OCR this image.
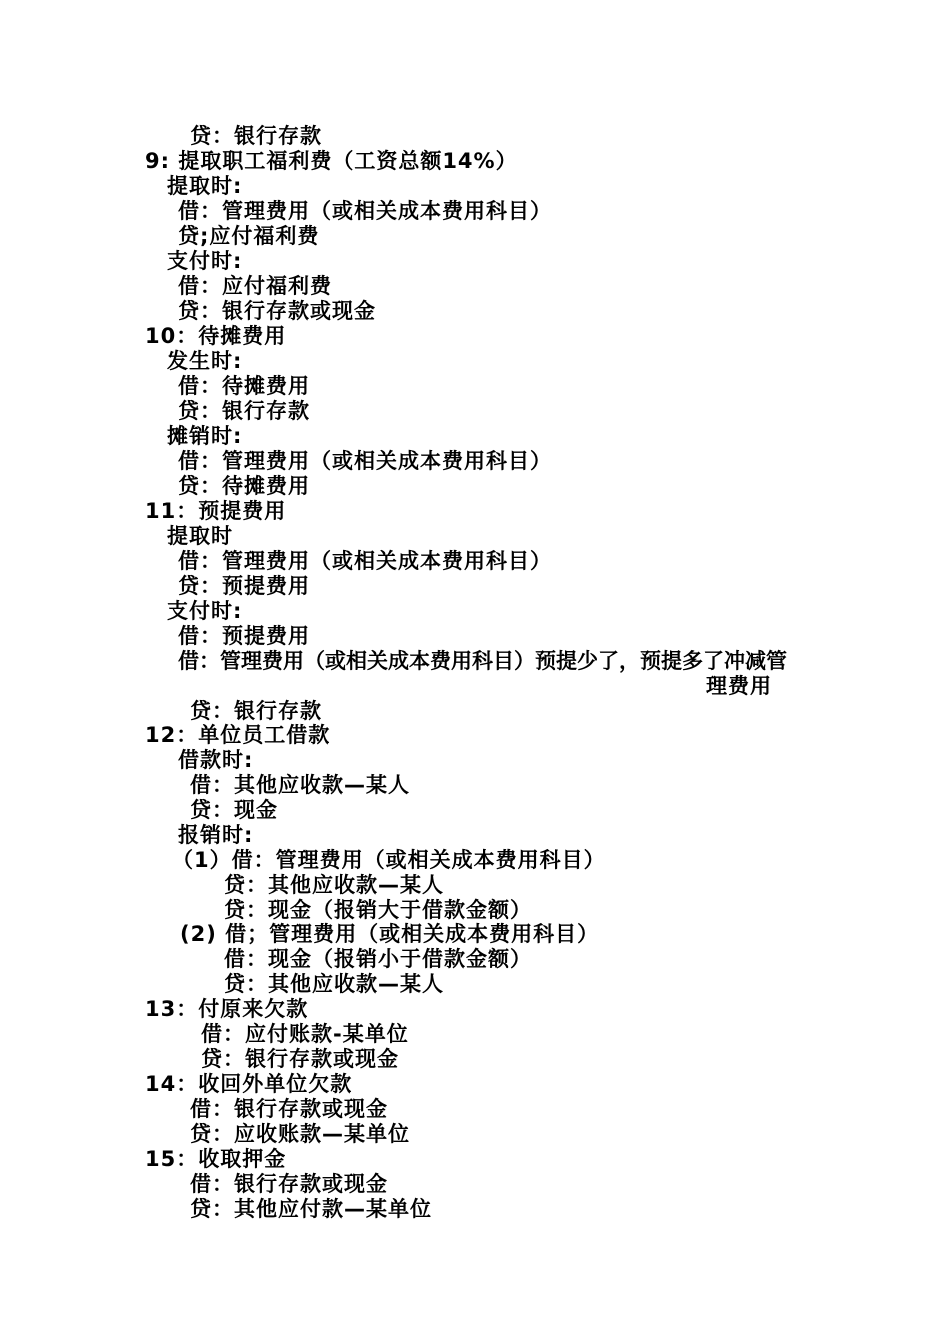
贷：银行存款
9: 提取职工福利费（工资总额14%）
提取时:
借：管理费用（或相关成本费用科目）
贷;应付福利费
支付时:
借：应付福利费
贷：银行存款或现金
10：待摊费用
发生时:
借：待摊费用
贷：银行存款
摊销时:
借：管理费用（或相关成本费用科目）
贷：待摊费用
11：预提费用
提取时
借：管理费用（或相关成本费用科目）
贷：预提费用
支付时:
借：预提费用
借：管理费用（或相关成本费用科目）预提少了，预提多了冲减管
理费用
贷：银行存款
12：单位员工借款
借款时:
借：其他应收款—某人
贷：现金
报销时:
（1）借：管理费用（或相关成本费用科目）
贷：其他应收款—某人
贷：现金（报销大于借款金额）
(2) 借；管理费用（或相关成本费用科目）
借：现金（报销小于借款金额）
贷：其他应收款—某人
13：付原来欠款
借：应付账款-某单位
贷：银行存款或现金
14：收回外单位欠款
借：银行存款或现金
贷：应收账款—某单位
15：收取押金
借：银行存款或现金
贷：其他应付款—某单位
